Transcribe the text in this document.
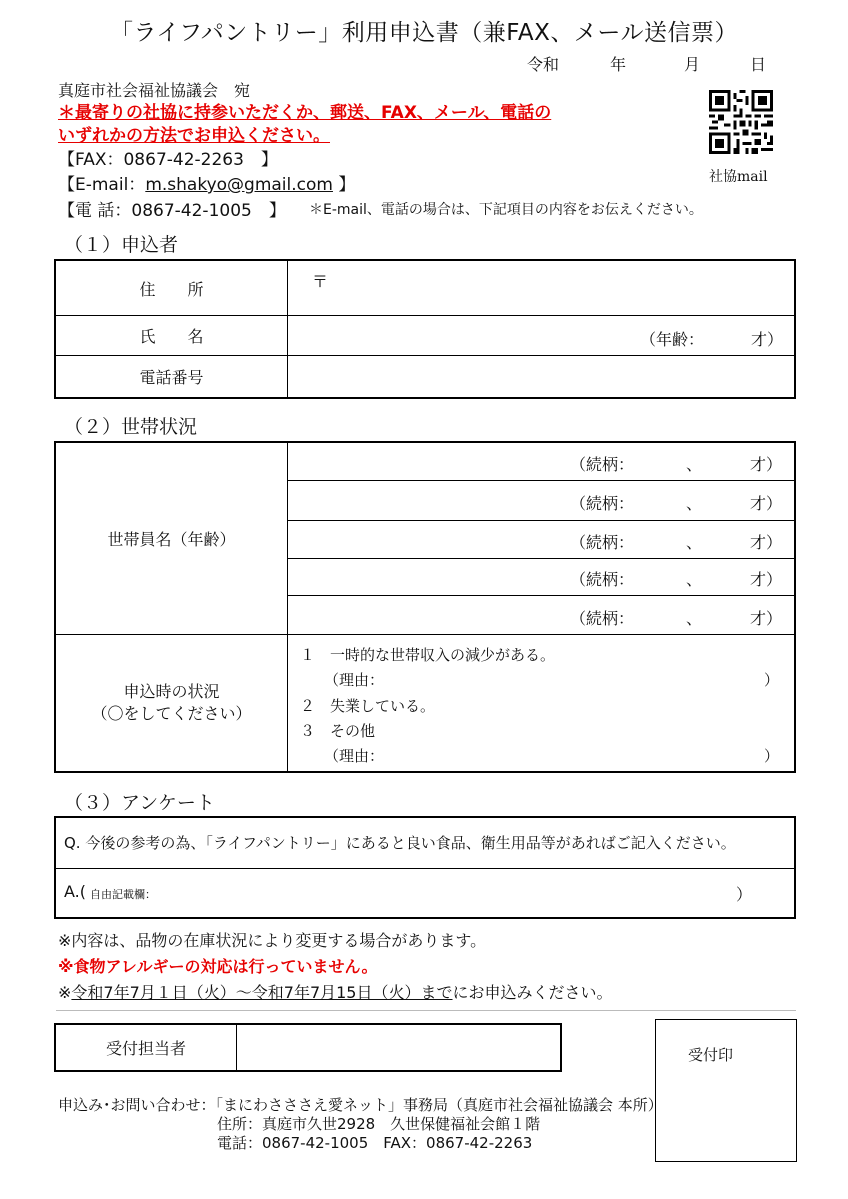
「ライフパントリー」利用申込書（兼FAX、メール送信票）
令和	年	月	日
真庭市社会福祉協議会　宛
＊最寄りの社協に持参いただくか、郵送、FAX、メール、電話の
いずれかの方法でお申込ください。
【FAX：0867-42-2263　】
【E-mail：m.shakyo@gmail.com 】
【電 話：0867-42-1005　】 ＊E-mail、電話の場合は、下記項目の内容をお伝えください。
社協mail
（１）申込者
住　　所	〒
氏　　名	（年齢：	才）
電話番号
（２）世帯状況
世帯員名（年齢）
（続柄：	、	才）
（続柄：	、	才）
（続柄：	、	才）
（続柄：	、	才）
（続柄：	、	才）
申込時の状況
（〇をしてください）
１　一時的な世帯収入の減少がある。
（理由：	）
２　失業している。
３　その他
（理由：	）
（３）アンケート
Q. 今後の参考の為、「ライフパントリー」にあると良い食品、衛生用品等があればご記入ください。
A.( 自由記載欄：	）
※内容は、品物の在庫状況により変更する場合があります。
※食物アレルギーの対応は行っていません。
※令和7年7月１日（火）～令和7年7月15日（火）までにお申込みください。
受付担当者	受付印
申込み･お問い合わせ：「まにわさささえ愛ネット」事務局（真庭市社会福祉協議会 本所）
住所：真庭市久世2928　久世保健福祉会館１階
電話：0867-42-1005　FAX：0867-42-2263
